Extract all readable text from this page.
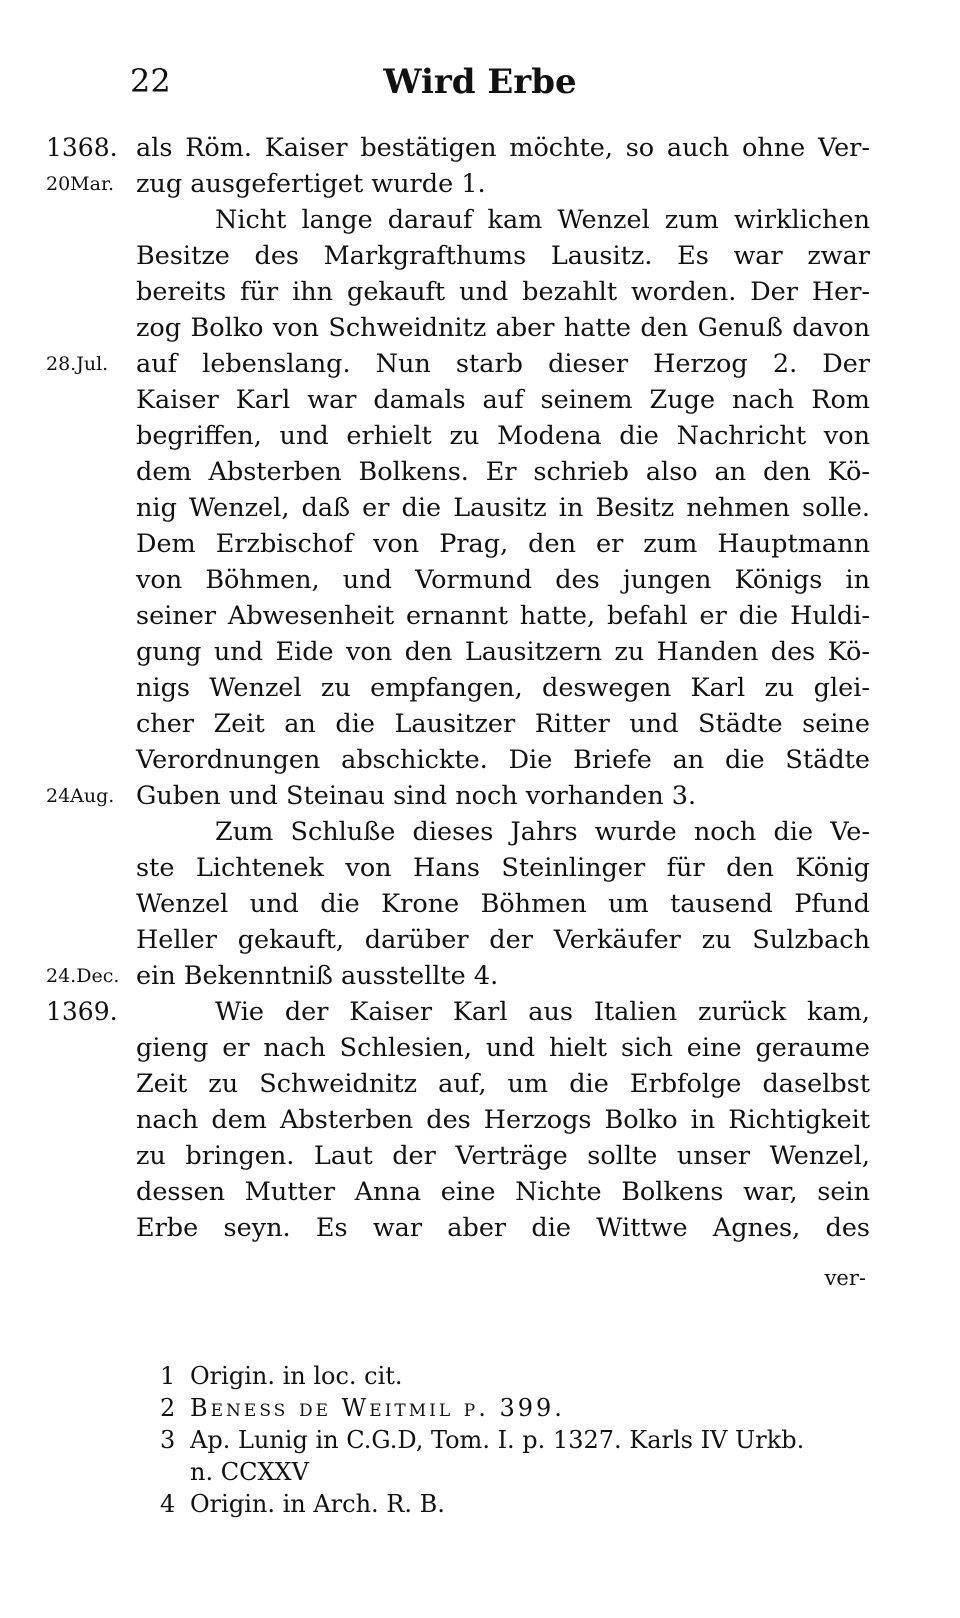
22	Wird Erbe
1368.
20Mar.
28.Jul.
24Aug.
24.Dec.
1369.
als Röm. Kaiser bestätigen möchte, so auch ohne Ver-
zug ausgefertiget wurde 1.
Nicht lange darauf kam Wenzel zum wirklichen
Besitze des Markgrafthums Lausitz. Es war zwar
bereits für ihn gekauft und bezahlt worden. Der Her-
zog Bolko von Schweidnitz aber hatte den Genuß davon
auf lebenslang. Nun starb dieser Herzog 2. Der
Kaiser Karl war damals auf seinem Zuge nach Rom
begriffen, und erhielt zu Modena die Nachricht von
dem Absterben Bolkens. Er schrieb also an den Kö-
nig Wenzel, daß er die Lausitz in Besitz nehmen solle.
Dem Erzbischof von Prag, den er zum Hauptmann
von Böhmen, und Vormund des jungen Königs in
seiner Abwesenheit ernannt hatte, befahl er die Huldi-
gung und Eide von den Lausitzern zu Handen des Kö-
nigs Wenzel zu empfangen, deswegen Karl zu glei-
cher Zeit an die Lausitzer Ritter und Städte seine
Verordnungen abschickte. Die Briefe an die Städte
Guben und Steinau sind noch vorhanden 3.
Zum Schluße dieses Jahrs wurde noch die Ve-
ste Lichtenek von Hans Steinlinger für den König
Wenzel und die Krone Böhmen um tausend Pfund
Heller gekauft, darüber der Verkäufer zu Sulzbach
ein Bekenntniß ausstellte 4.
Wie der Kaiser Karl aus Italien zurück kam,
gieng er nach Schlesien, und hielt sich eine geraume
Zeit zu Schweidnitz auf, um die Erbfolge daselbst
nach dem Absterben des Herzogs Bolko in Richtigkeit
zu bringen. Laut der Verträge sollte unser Wenzel,
dessen Mutter Anna eine Nichte Bolkens war, sein
Erbe seyn. Es war aber die Wittwe Agnes, des
ver-
1 Origin. in loc. cit.
2 Beness de Weitmil p. 399.
3 Ap. Lunig in C.G.D, Tom. I. p. 1327. Karls IV Urkb.
n. CCXXV
4 Origin. in Arch. R. B.
